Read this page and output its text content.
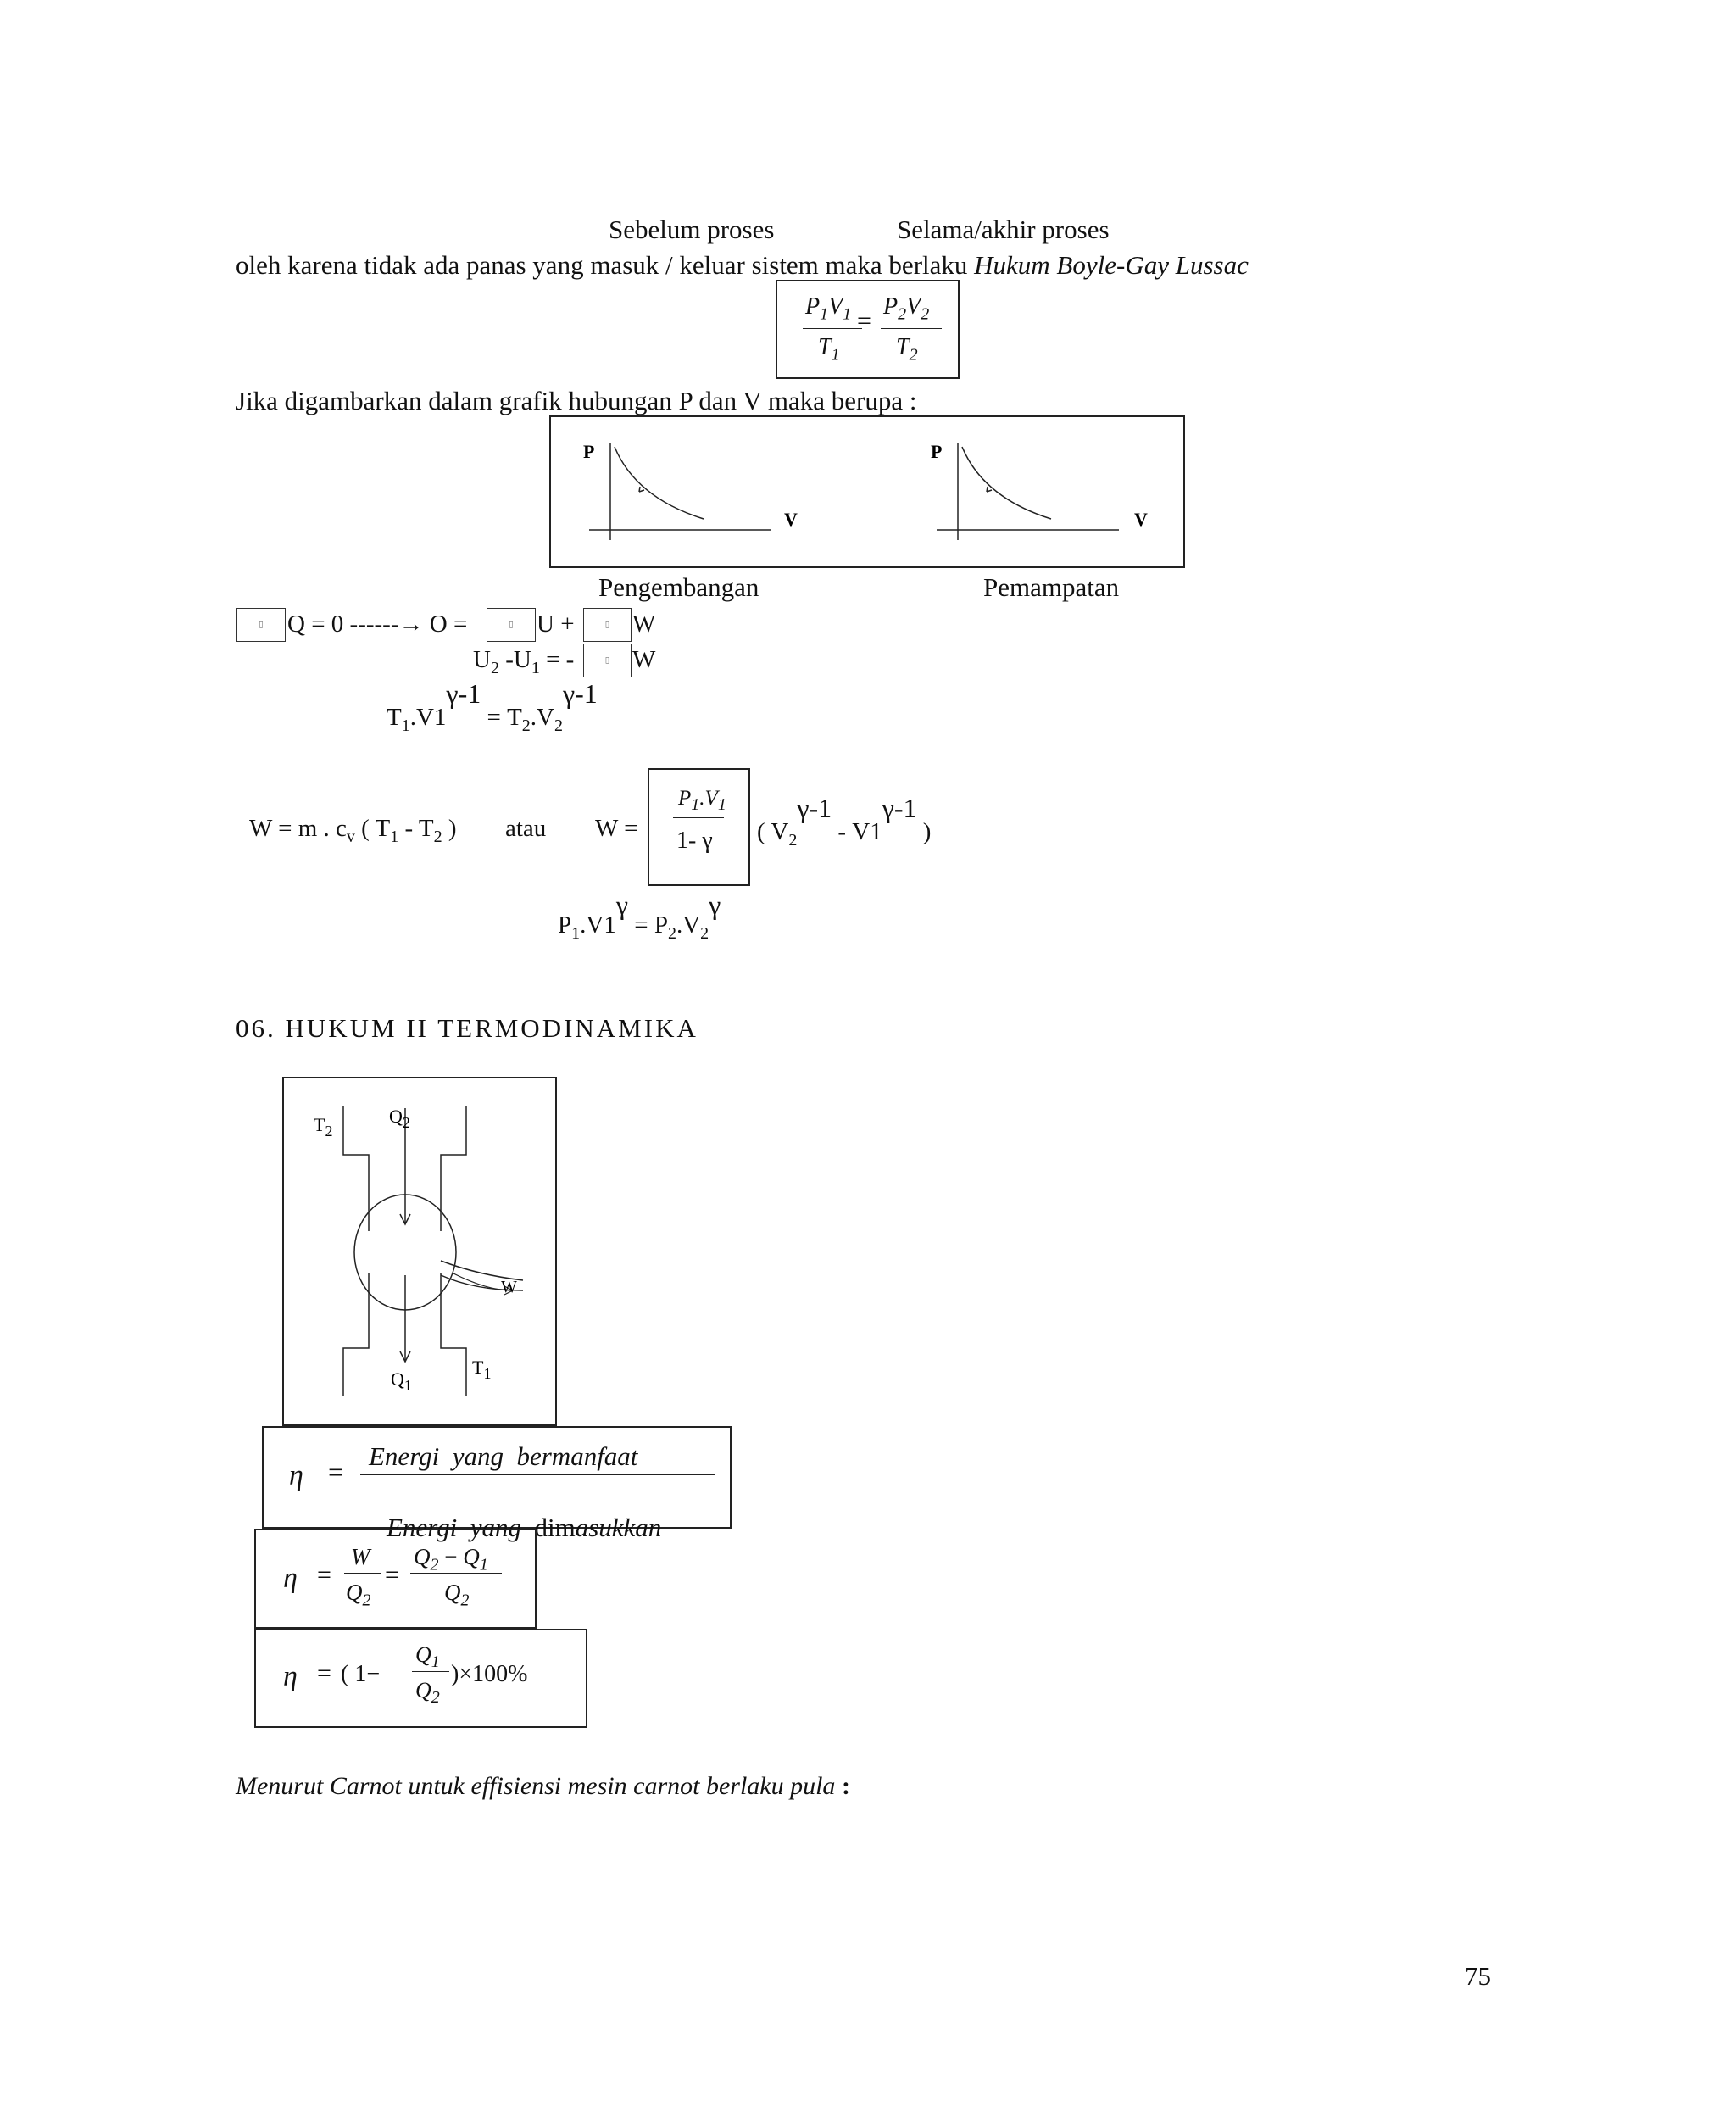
Sebelum proses	Selama/akhir proses
oleh karena tidak ada panas yang masuk / keluar sistem maka berlaku Hukum Boyle-Gay Lussac
$P_1V_1$
$T_1$
=
$P_2V_2$
$T_2$
Jika digambarkan dalam grafik hubungan P dan V maka berupa :
P
V
P
V
Pengembangan	Pemampatan
▯ Q = 0 ------→ O =	▯ U +	▯ W
$U_2$ $-U_1$ = -	▯ W
$T_1.V1\gamma-1 = T_2.V_2\gamma-1$
W = m . $c_v$ ( $T_1 - T_2$ ) atau W =
$P_1.V_1$
1- γ ( $V_2\gamma-1 - V1\gamma-1$ )
$P_1.V1\gamma = P_2.V_2\gamma$
06. HUKUM II TERMODINAMIKA
$T_2$
$Q_2$
$Q_1$
$T_1$
W
η =
Energi  yang  bermanfaat

Energi  yang dimasukkan

η =
W
$Q_2$
=
$Q_2 - Q_1$
$Q_2$
η = ( 1−
$Q_1$
$Q_2$
)×100%
Menurut Carnot untuk effisiensi mesin carnot berlaku pula :
75
